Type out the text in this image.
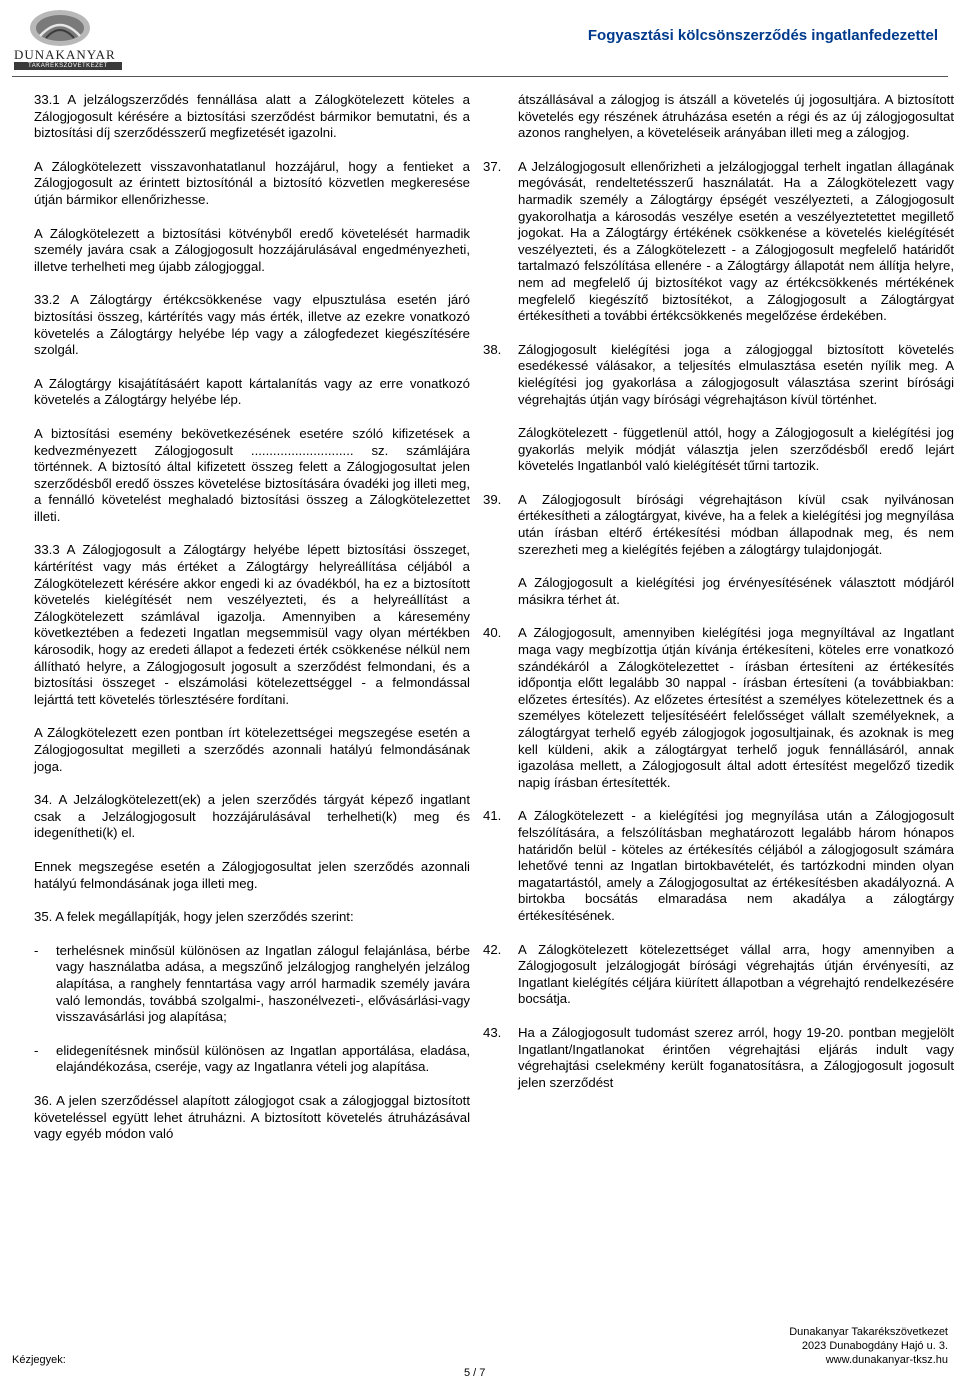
DUNAKANYAR
TAKARÉKSZÖVETKEZET
Fogyasztási kölcsönszerződés ingatlanfedezettel

33.1 A jelzálogszerződés fennállása alatt a Zálogkötelezett köteles a Zálogjogosult kérésére a biztosítási szerződést bármikor bemutatni, és a biztosítási díj szerződésszerű megfizetését igazolni.

A Zálogkötelezett visszavonhatatlanul hozzájárul, hogy a fentieket a Zálogjogosult az érintett biztosítónál a biztosító közvetlen megkeresése útján bármikor ellenőrizhesse.

A Zálogkötelezett a biztosítási kötvényből eredő követelését harmadik személy javára csak a Zálogjogosult hozzájárulásával engedményezheti, illetve terhelheti meg újabb zálogjoggal.

33.2 A Zálogtárgy értékcsökkenése vagy elpusztulása esetén járó biztosítási összeg, kártérítés vagy más érték, illetve az ezekre vonatkozó követelés a Zálogtárgy helyébe lép vagy a zálogfedezet kiegészítésére szolgál.

A Zálogtárgy kisajátításáért kapott kártalanítás vagy az erre vonatkozó követelés a Zálogtárgy helyébe lép.

A biztosítási esemény bekövetkezésének esetére szóló kifizetések a kedvezményezett Zálogjogosult ............................ sz. számlájára történnek. A biztosító által kifizetett összeg felett a Zálogjogosultat jelen szerződésből eredő összes követelése biztosítására óvadéki jog illeti meg, a fennálló követelést meghaladó biztosítási összeg a Zálogkötelezettet illeti.

33.3 A Zálogjogosult a Zálogtárgy helyébe lépett biztosítási összeget, kártérítést vagy más értéket a Zálogtárgy helyreállítása céljából a Zálogkötelezett kérésére akkor engedi ki az óvadékból, ha ez a biztosított követelés kielégítését nem veszélyezteti, és a helyreállítást a Zálogkötelezett számlával igazolja. Amennyiben a káresemény következtében a fedezeti Ingatlan megsemmisül vagy olyan mértékben károsodik, hogy az eredeti állapot a fedezeti érték csökkenése nélkül nem állítható helyre, a Zálogjogosult jogosult a szerződést felmondani, és a biztosítási összeget - elszámolási kötelezettséggel - a felmondással lejárttá tett követelés törlesztésére fordítani.

A Zálogkötelezett ezen pontban írt kötelezettségei megszegése esetén a Zálogjogosultat megilleti a szerződés azonnali hatályú felmondásának joga.

34. A Jelzálogkötelezett(ek) a jelen szerződés tárgyát képező ingatlant csak a Jelzálogjogosult hozzájárulásával terhelheti(k) meg és idegenítheti(k) el.

Ennek megszegése esetén a Zálogjogosultat jelen szerződés azonnali hatályú felmondásának joga illeti meg.

35. A felek megállapítják, hogy jelen szerződés szerint:

-	terhelésnek minősül különösen az Ingatlan zálogul felajánlása, bérbe vagy használatba adása, a megszűnő jelzálogjog ranghelyén jelzálog alapítása, a ranghely fenntartása vagy arról harmadik személy javára való lemondás, továbbá szolgalmi-, haszonélvezeti-, elővásárlási-vagy visszavásárlási jog alapítása;
-	elidegenítésnek minősül különösen az Ingatlan apportálása, eladása, elajándékozása, cseréje, vagy az Ingatlanra vételi jog alapítása.

36. A jelen szerződéssel alapított zálogjogot csak a zálogjoggal biztosított követeléssel együtt lehet átruházni. A biztosított követelés átruházásával vagy egyéb módon való

átszállásával a zálogjog is átszáll a követelés új jogosultjára. A biztosított követelés egy részének átruházása esetén a régi és az új zálogjogosultat azonos ranghelyen, a követeléseik arányában illeti meg a zálogjog.

37. A Jelzálogjogosult ellenőrizheti a jelzálogjoggal terhelt ingatlan állagának megóvását, rendeltetésszerű használatát. Ha a Zálogkötelezett vagy harmadik személy a Zálogtárgy épségét veszélyezteti, a Zálogjogosult gyakorolhatja a károsodás veszélye esetén a veszélyeztetettet megillető jogokat. Ha a Zálogtárgy értékének csökkenése a követelés kielégítését veszélyezteti, és a Zálogkötelezett - a Zálogjogosult megfelelő határidőt tartalmazó felszólítása ellenére - a Zálogtárgy állapotát nem állítja helyre, nem ad megfelelő új biztosítékot vagy az értékcsökkenés mértékének megfelelő kiegészítő biztosítékot, a Zálogjogosult a Zálogtárgyat értékesítheti a további értékcsökkenés megelőzése érdekében.
38. Zálogjogosult kielégítési joga a zálogjoggal biztosított követelés esedékessé válásakor, a teljesítés elmulasztása esetén nyílik meg. A kielégítési jog gyakorlása a zálogjogosult választása szerint bírósági végrehajtás útján vagy bírósági végrehajtáson kívül történhet.

Zálogkötelezett - függetlenül attól, hogy a Zálogjogosult a kielégítési jog gyakorlás melyik módját választja jelen szerződésből eredő lejárt követelés Ingatlanból való kielégítését tűrni tartozik.

39. A Zálogjogosult bírósági végrehajtáson kívül csak nyilvánosan értékesítheti a zálogtárgyat, kivéve, ha a felek a kielégítési jog megnyílása után írásban eltérő értékesítési módban állapodnak meg, és nem szerezheti meg a kielégítés fejében a zálogtárgy tulajdonjogát.

A Zálogjogosult a kielégítési jog érvényesítésének választott módjáról másikra térhet át.

40. A Zálogjogosult, amennyiben kielégítési joga megnyíltával az Ingatlant maga vagy megbízottja útján kívánja értékesíteni, köteles erre vonatkozó szándékáról a Zálogkötelezettet - írásban értesíteni az értékesítés időpontja előtt legalább 30 nappal - írásban értesíteni (a továbbiakban: előzetes értesítés). Az előzetes értesítést a személyes kötelezettnek és a személyes kötelezett teljesítéséért felelősséget vállalt személyeknek, a zálogtárgyat terhelő egyéb zálogjogok jogosultjainak, és azoknak is meg kell küldeni, akik a zálogtárgyat terhelő joguk fennállásáról, annak igazolása mellett, a Zálogjogosult által adott értesítést megelőző tizedik napig írásban értesítették.
41. A Zálogkötelezett - a kielégítési jog megnyílása után a Zálogjogosult felszólítására, a felszólításban meghatározott legalább három hónapos határidőn belül - köteles az értékesítés céljából a zálogjogosult számára lehetővé tenni az Ingatlan birtokbavételét, és tartózkodni minden olyan magatartástól, amely a Zálogjogosultat az értékesítésben akadályozná. A birtokba bocsátás elmaradása nem akadálya a zálogtárgy értékesítésének.
42. A Zálogkötelezett kötelezettséget vállal arra, hogy amennyiben a Zálogjogosult jelzálogjogát bírósági végrehajtás útján érvényesíti, az Ingatlant kielégítés céljára kiürített állapotban a végrehajtó rendelkezésére bocsátja.
43. Ha a Zálogjogosult tudomást szerez arról, hogy 19-20. pontban megjelölt Ingatlant/Ingatlanokat érintően végrehajtási eljárás indult vagy végrehajtási cselekmény került foganatosításra, a Zálogjogosult jogosult jelen szerződést
Kézjegyek:
5 / 7
Dunakanyar Takarékszövetkezet
2023 Dunabogdány Hajó u. 3.
www.dunakanyar-tksz.hu
